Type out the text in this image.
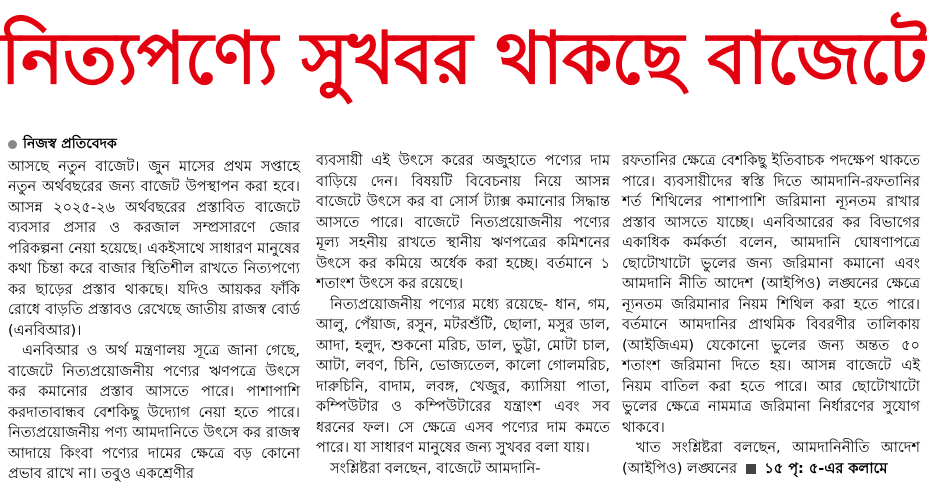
নিত্যপণ্যে সুখবর থাকছে বাজেটে
নিজস্ব প্রতিবেদক

আসছে নতুন বাজেট। জুন মাসের প্রথম সপ্তাহে নতুন অর্থবছরের জন্য বাজেট উপস্থাপন করা হবে। আসন্ন ২০২৫-২৬ অর্থবছরের প্রস্তাবিত বাজেটে ব্যবসার প্রসার ও করজাল সম্প্রসারণে জোর পরিকল্পনা নেয়া হয়েছে। একইসাথে সাধারণ মানুষের কথা চিন্তা করে বাজার স্থিতিশীল রাখতে নিত্যপণ্যে কর ছাড়ের প্রস্তাব থাকছে। যদিও আয়কর ফাঁকি রোধে বাড়তি প্রস্তাবও রেখেছে জাতীয় রাজস্ব বোর্ড (এনবিআর)।

এনবিআর ও অর্থ মন্ত্রণালয় সূত্রে জানা গেছে, বাজেটে নিত্যপ্রয়োজনীয় পণ্যের ঋণপত্রে উৎসে কর কমানোর প্রস্তাব আসতে পারে। পাশাপাশি করদাতাবান্ধব বেশকিছু উদ্যোগ নেয়া হতে পারে। নিত্যপ্রয়োজনীয় পণ্য আমদানিতে উৎসে কর রাজস্ব আদায়ে কিংবা পণ্যের দামের ক্ষেত্রে বড় কোনো প্রভাব রাখে না। তবুও একশ্রেণীর

ব্যবসায়ী এই উৎসে করের অজুহাতে পণ্যের দাম বাড়িয়ে দেন। বিষয়টি বিবেচনায় নিয়ে আসন্ন বাজেটে উৎসে কর বা সোর্স ট্যাক্স কমানোর সিদ্ধান্ত আসতে পারে। বাজেটে নিত্যপ্রয়োজনীয় পণ্যের মূল্য সহনীয় রাখতে স্থানীয় ঋণপত্রের কমিশনের উৎসে কর কমিয়ে অর্ধেক করা হচ্ছে। বর্তমানে ১ শতাংশ উৎসে কর রয়েছে।

নিত্যপ্রয়োজনীয় পণ্যের মধ্যে রয়েছে- ধান, গম, আলু, পেঁয়াজ, রসুন, মটরশুঁটি, ছোলা, মসুর ডাল, আদা, হলুদ, শুকনো মরিচ, ডাল, ভুট্টা, মোটা চাল, আটা, লবণ, চিনি, ভোজ্যতেল, কালো গোলমরিচ, দারুচিনি, বাদাম, লবঙ্গ, খেজুর, ক্যাসিয়া পাতা, কম্পিউটার ও কম্পিউটারের যন্ত্রাংশ এবং সব ধরনের ফল। সে ক্ষেত্রে এসব পণ্যের দাম কমতে পারে। যা সাধারণ মানুষের জন্য সুখবর বলা যায়।

সংশ্লিষ্টরা বলছেন, বাজেটে আমদানি-

রফতানির ক্ষেত্রে বেশকিছু ইতিবাচক পদক্ষেপ থাকতে পারে। ব্যবসায়ীদের স্বস্তি দিতে আমদানি-রফতানির শর্ত শিথিলের পাশাপাশি জরিমানা ন্যূনতম রাখার প্রস্তাব আসতে যাচ্ছে। এনবিআরের কর বিভাগের একাধিক কর্মকর্তা বলেন, আমদানি ঘোষণাপত্রে ছোটোখাটো ভুলের জন্য জরিমানা কমানো এবং আমদানি নীতি আদেশ (আইপিও) লঙ্ঘনের ক্ষেত্রে ন্যূনতম জরিমানার নিয়ম শিথিল করা হতে পারে। বর্তমানে আমদানির প্রাথমিক বিবরণীর তালিকায় (আইজিএম) যেকোনো ভুলের জন্য অন্তত ৫০ শতাংশ জরিমানা দিতে হয়। আসন্ন বাজেটে এই নিয়ম বাতিল করা হতে পারে। আর ছোটোখাটো ভুলের ক্ষেত্রে নামমাত্র জরিমানা নির্ধারণের সুযোগ থাকবে।

খাত সংশ্লিষ্টরা বলছেন, আমদানিনীতি আদেশ (আইপিও) লঙ্ঘনের ১৫ পৃ: ৫-এর কলামে
